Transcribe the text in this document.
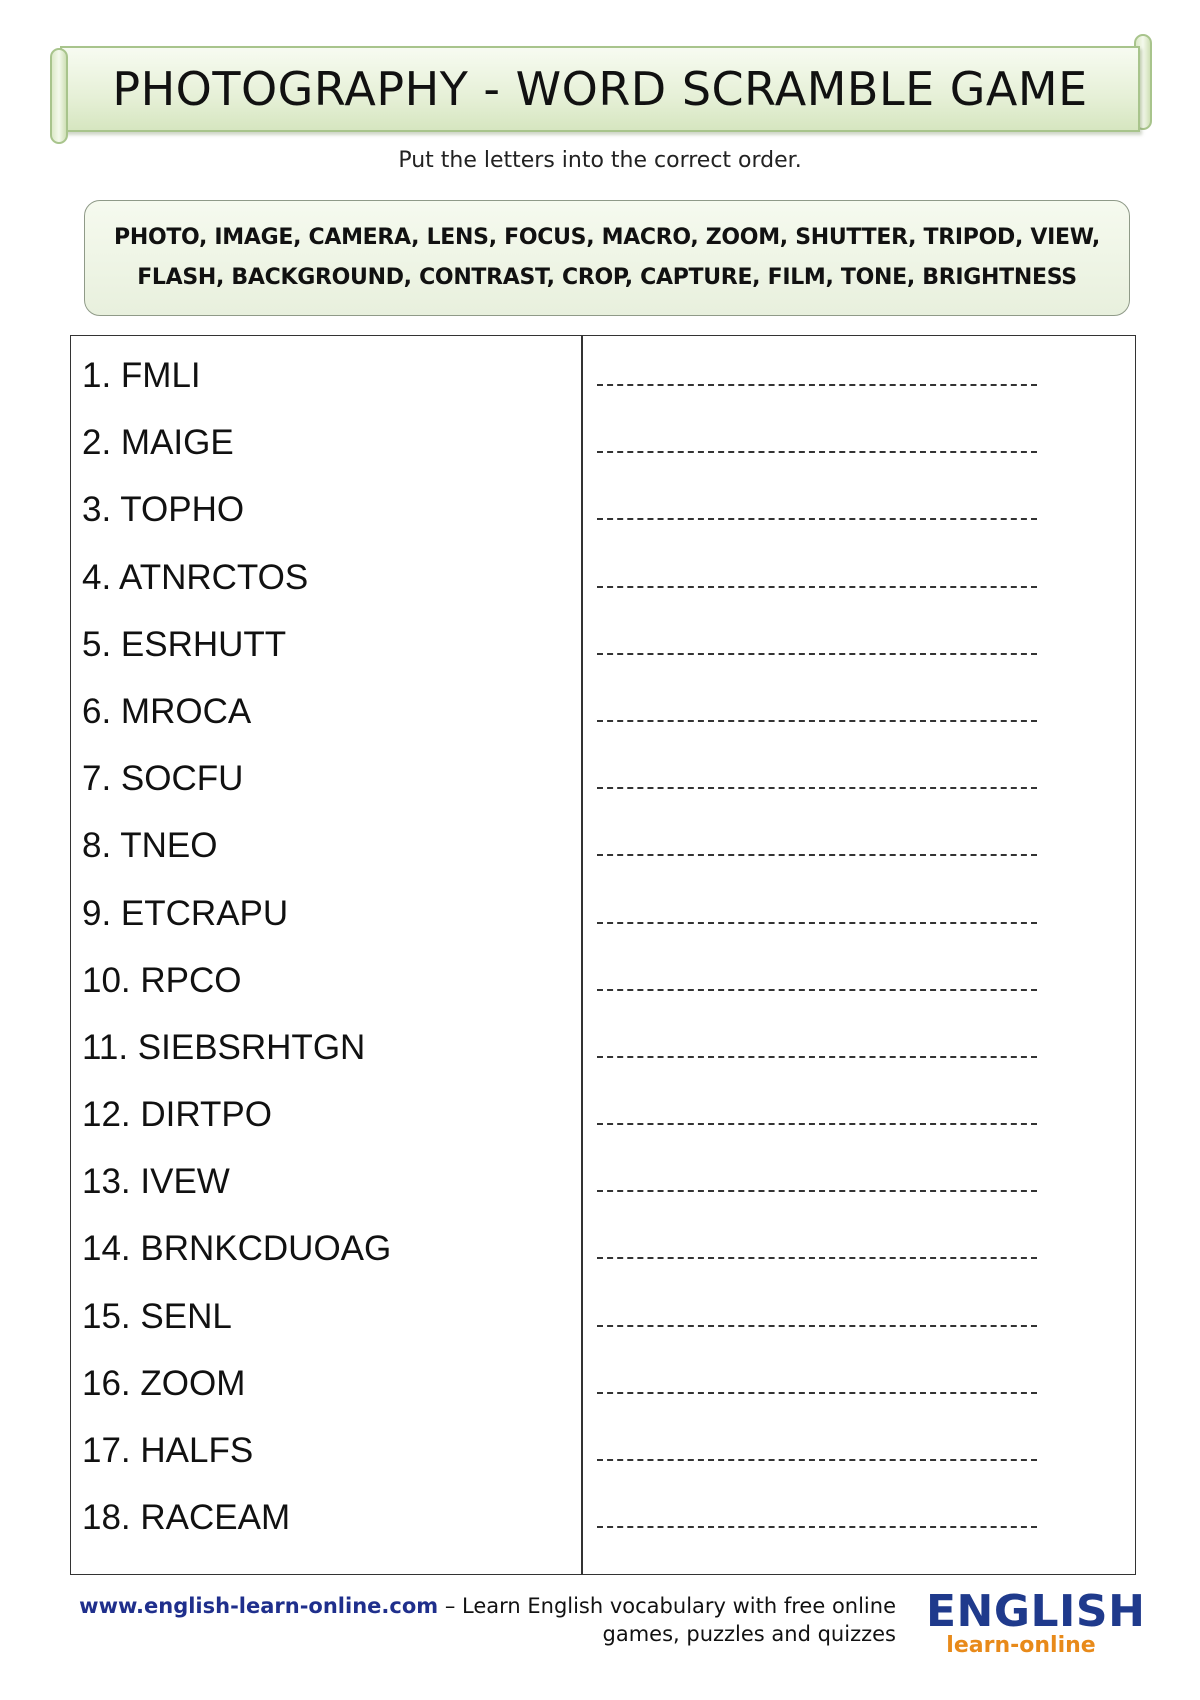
PHOTOGRAPHY - WORD SCRAMBLE GAME
Put the letters into the correct order.
PHOTO, IMAGE, CAMERA, LENS, FOCUS, MACRO, ZOOM, SHUTTER, TRIPOD, VIEW,
FLASH, BACKGROUND, CONTRAST, CROP, CAPTURE, FILM, TONE, BRIGHTNESS
1. FMLI
2. MAIGE
3. TOPHO
4. ATNRCTOS
5. ESRHUTT
6. MROCA
7. SOCFU
8. TNEO
9. ETCRAPU
10. RPCO
11. SIEBSRHTGN
12. DIRTPO
13. IVEW
14. BRNKCDUOAG
15. SENL
16. ZOOM
17. HALFS
18. RACEAM
www.english-learn-online.com – Learn English vocabulary with free online
games, puzzles and quizzes ENGLISH
learn-online
